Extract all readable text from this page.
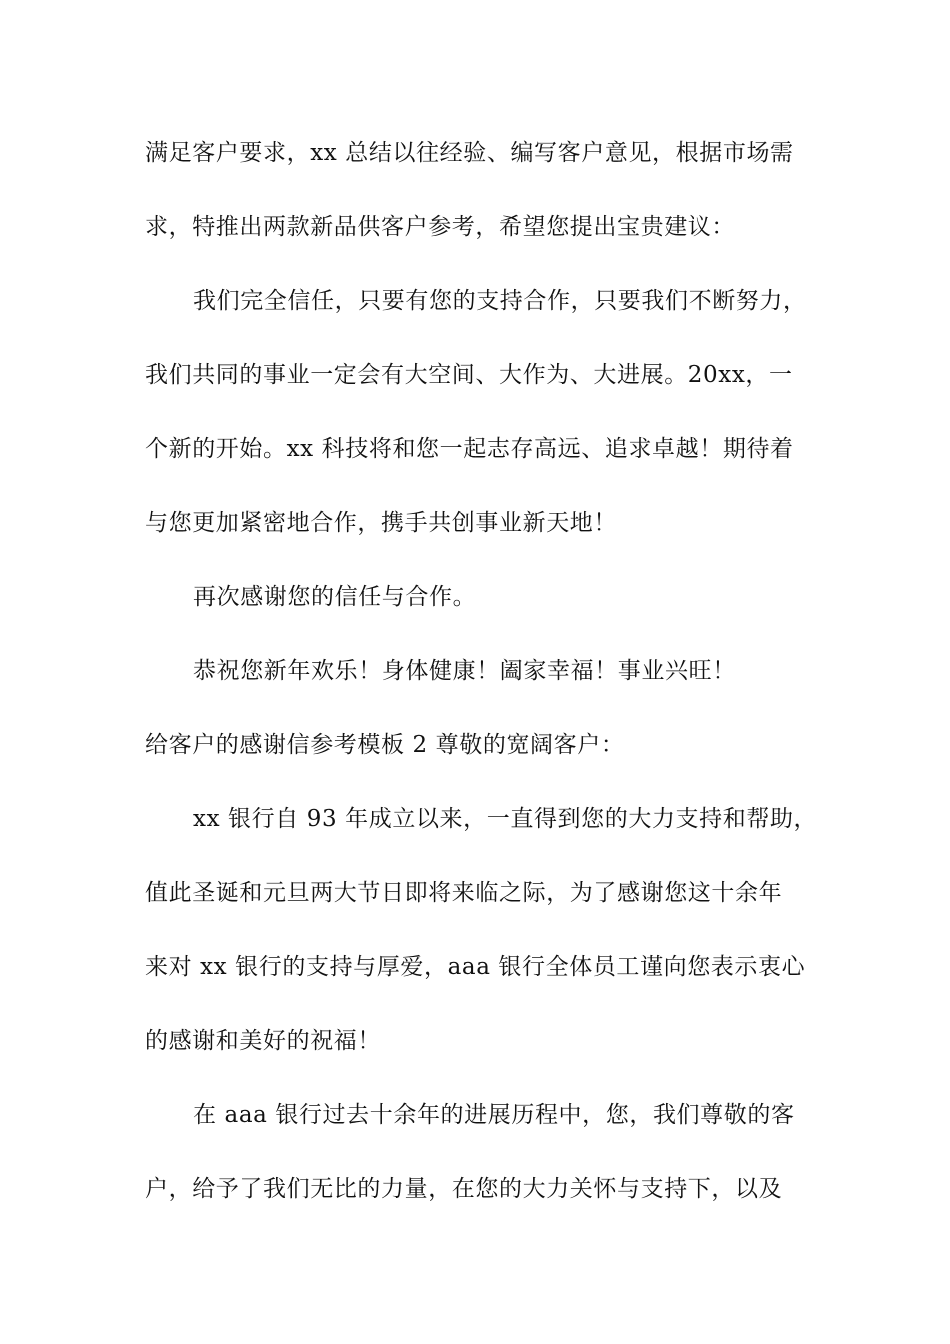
满足客户要求，xx 总结以往经验、编写客户意见，根据市场需
求，特推出两款新品供客户参考，希望您提出宝贵建议：
我们完全信任，只要有您的支持合作，只要我们不断努力，
我们共同的事业一定会有大空间、大作为、大进展。20xx，一
个新的开始。xx 科技将和您一起志存高远、追求卓越！期待着
与您更加紧密地合作，携手共创事业新天地！
再次感谢您的信任与合作。
恭祝您新年欢乐！身体健康！阖家幸福！事业兴旺！
给客户的感谢信参考模板 2 尊敬的宽阔客户：
xx 银行自 93 年成立以来，一直得到您的大力支持和帮助，
值此圣诞和元旦两大节日即将来临之际，为了感谢您这十余年
来对 xx 银行的支持与厚爱，aaa 银行全体员工谨向您表示衷心
的感谢和美好的祝福！
在 aaa 银行过去十余年的进展历程中，您，我们尊敬的客
户，给予了我们无比的力量，在您的大力关怀与支持下，以及
